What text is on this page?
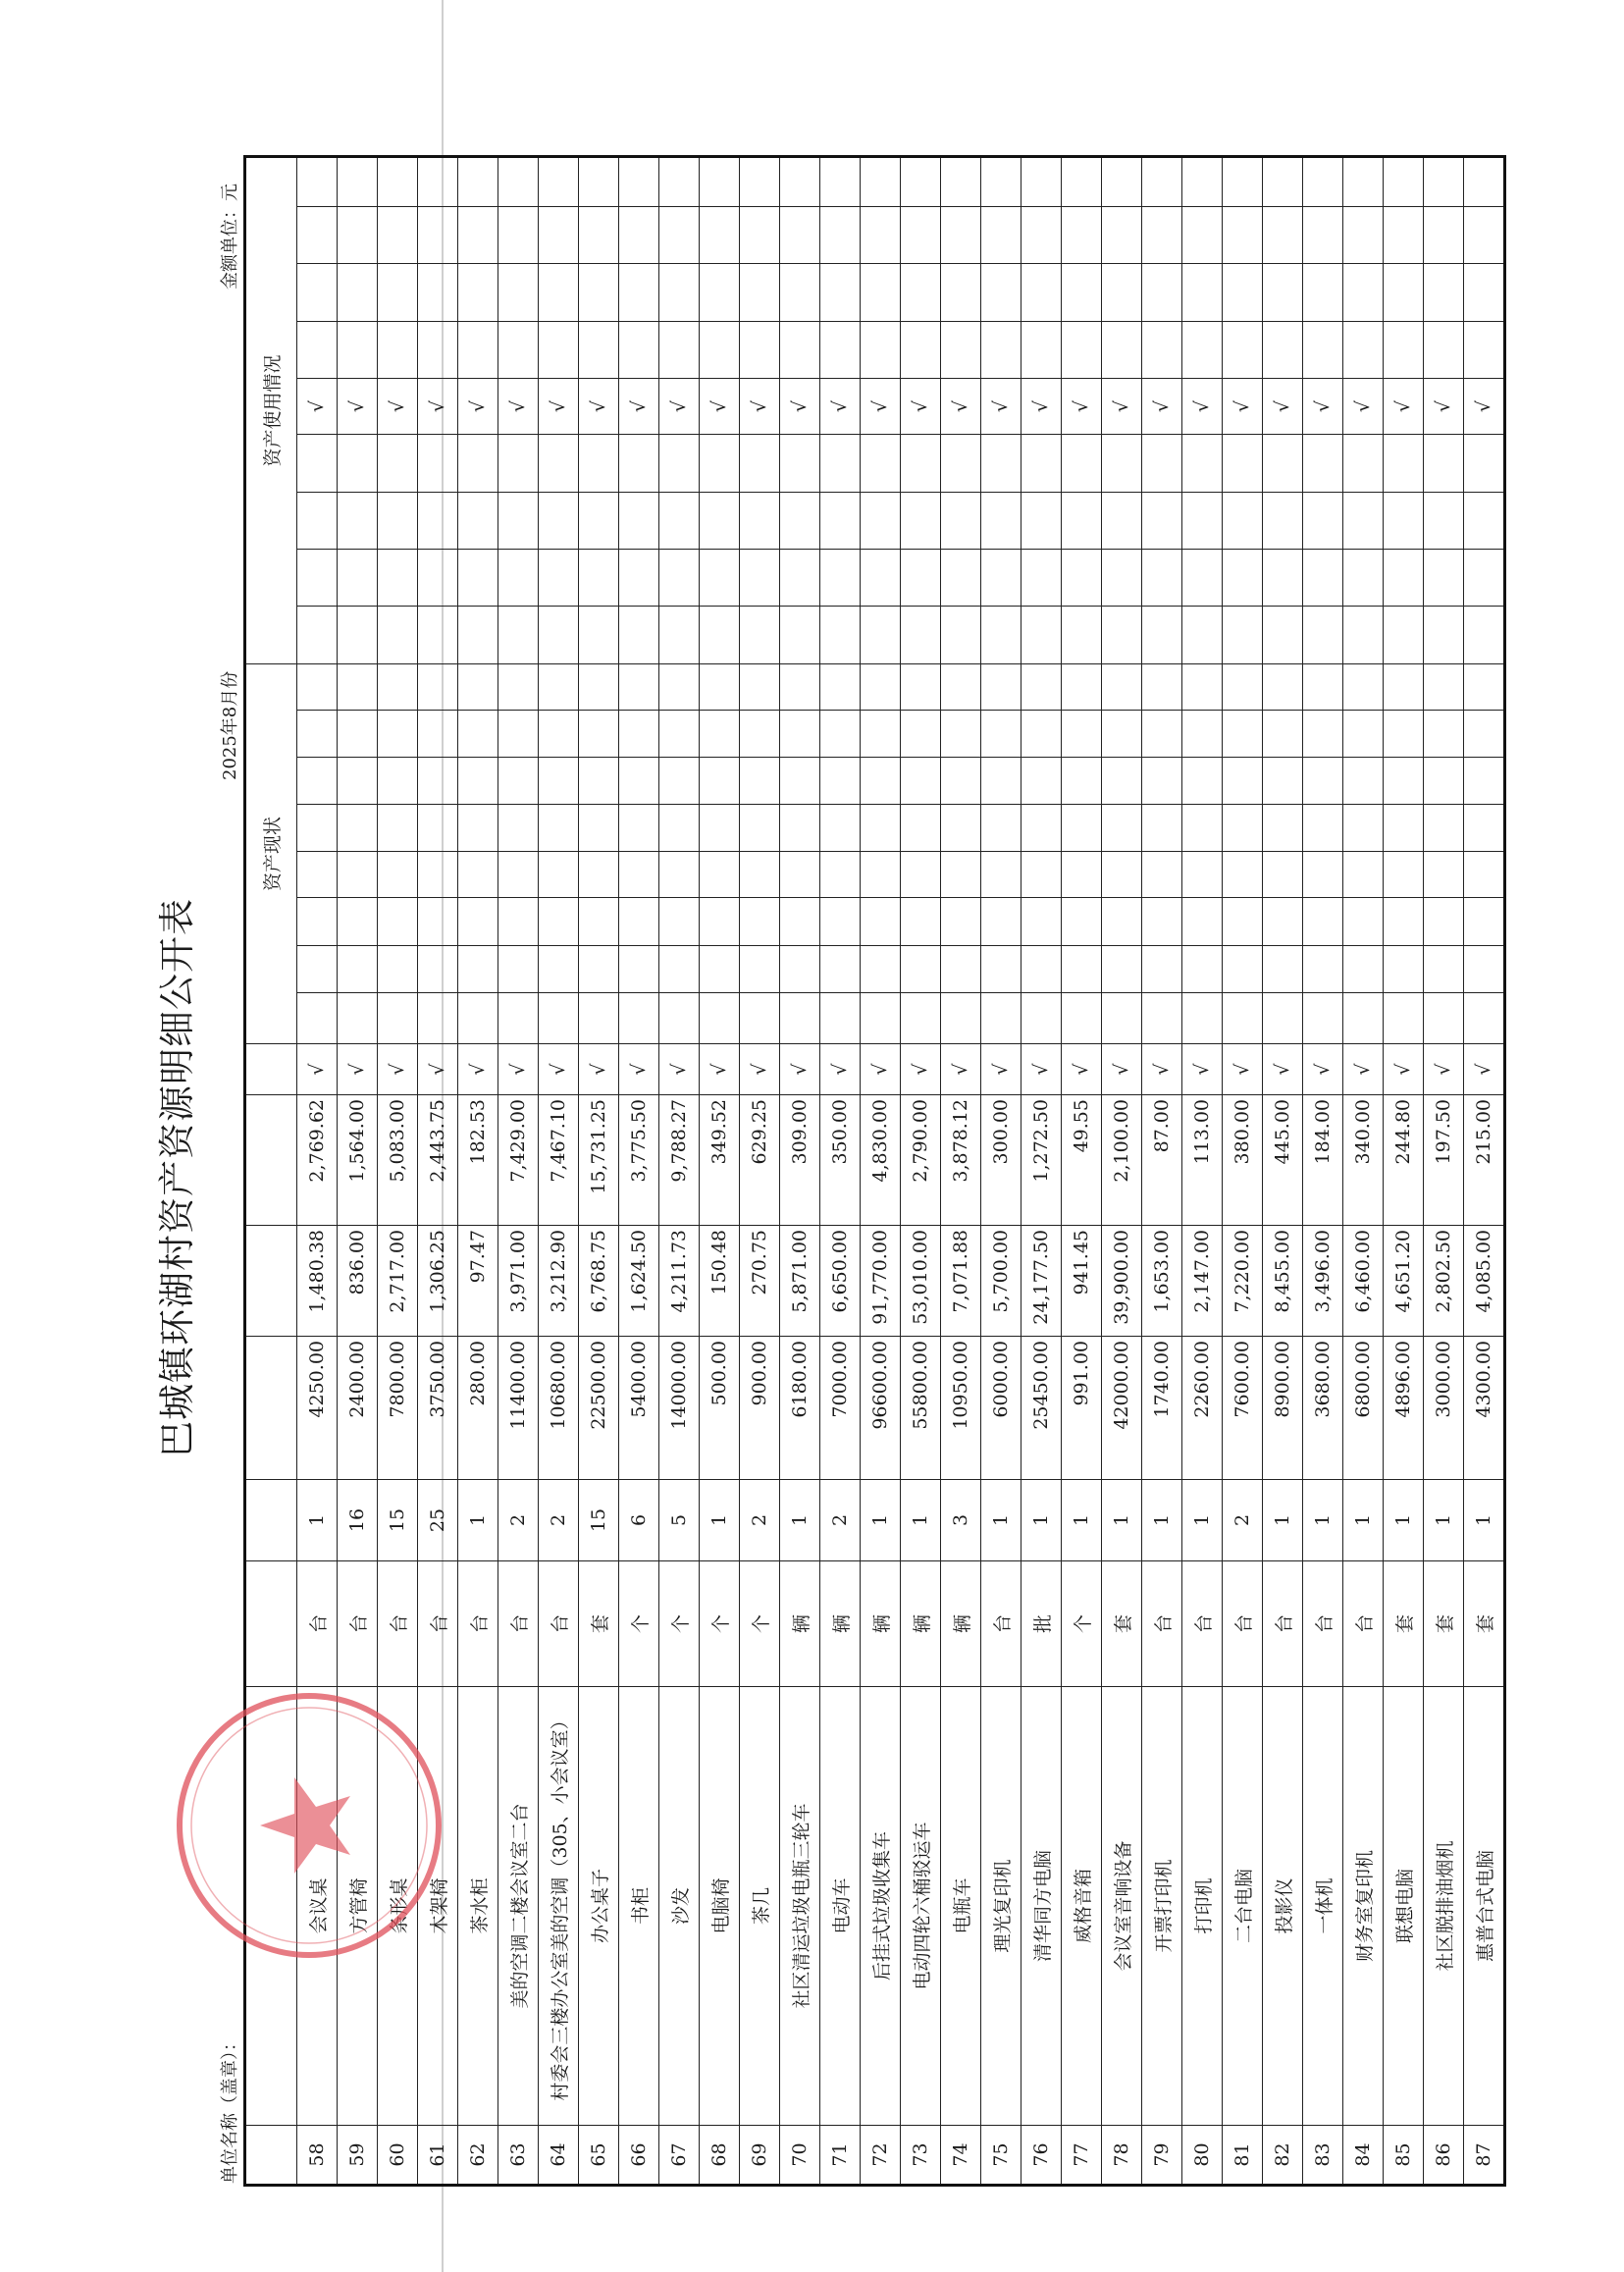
巴城镇环湖村资产资源明细公开表
2025年8月份
单位名称（盖章）：
金额单位：元
								资产现状								资产使用情况								
58	会议桌	台	1	4250.00	1,480.38	2,769.62	√													√				
59	方管椅	台	16	2400.00	836.00	1,564.00	√													√				
60	条形桌	台	15	7800.00	2,717.00	5,083.00	√													√				
61	木架椅	台	25	3750.00	1,306.25	2,443.75	√													√				
62	茶水柜	台	1	280.00	97.47	182.53	√													√				
63	美的空调二楼会议室二台	台	2	11400.00	3,971.00	7,429.00	√													√				
64	村委会三楼办公室美的空调（305、小会议室）	台	2	10680.00	3,212.90	7,467.10	√													√				
65	办公桌子	套	15	22500.00	6,768.75	15,731.25	√													√				
66	书柜	个	6	5400.00	1,624.50	3,775.50	√													√				
67	沙发	个	5	14000.00	4,211.73	9,788.27	√													√				
68	电脑椅	个	1	500.00	150.48	349.52	√													√				
69	茶几	个	2	900.00	270.75	629.25	√													√				
70	社区清运垃圾电瓶三轮车	辆	1	6180.00	5,871.00	309.00	√													√				
71	电动车	辆	2	7000.00	6,650.00	350.00	√													√				
72	后挂式垃圾收集车	辆	1	96600.00	91,770.00	4,830.00	√													√				
73	电动四轮六桶驳运车	辆	1	55800.00	53,010.00	2,790.00	√													√				
74	电瓶车	辆	3	10950.00	7,071.88	3,878.12	√													√				
75	理光复印机	台	1	6000.00	5,700.00	300.00	√													√				
76	清华同方电脑	批	1	25450.00	24,177.50	1,272.50	√													√				
77	威格音箱	个	1	991.00	941.45	49.55	√													√				
78	会议室音响设备	套	1	42000.00	39,900.00	2,100.00	√													√				
79	开票打印机	台	1	1740.00	1,653.00	87.00	√													√				
80	打印机	台	1	2260.00	2,147.00	113.00	√													√				
81	二台电脑	台	2	7600.00	7,220.00	380.00	√													√				
82	投影仪	台	1	8900.00	8,455.00	445.00	√													√				
83	一体机	台	1	3680.00	3,496.00	184.00	√													√				
84	财务室复印机	台	1	6800.00	6,460.00	340.00	√													√				
85	联想电脑	套	1	4896.00	4,651.20	244.80	√													√				
86	社区脱排油烟机	套	1	3000.00	2,802.50	197.50	√													√				
87	惠普台式电脑	套	1	4300.00	4,085.00	215.00	√													√				
